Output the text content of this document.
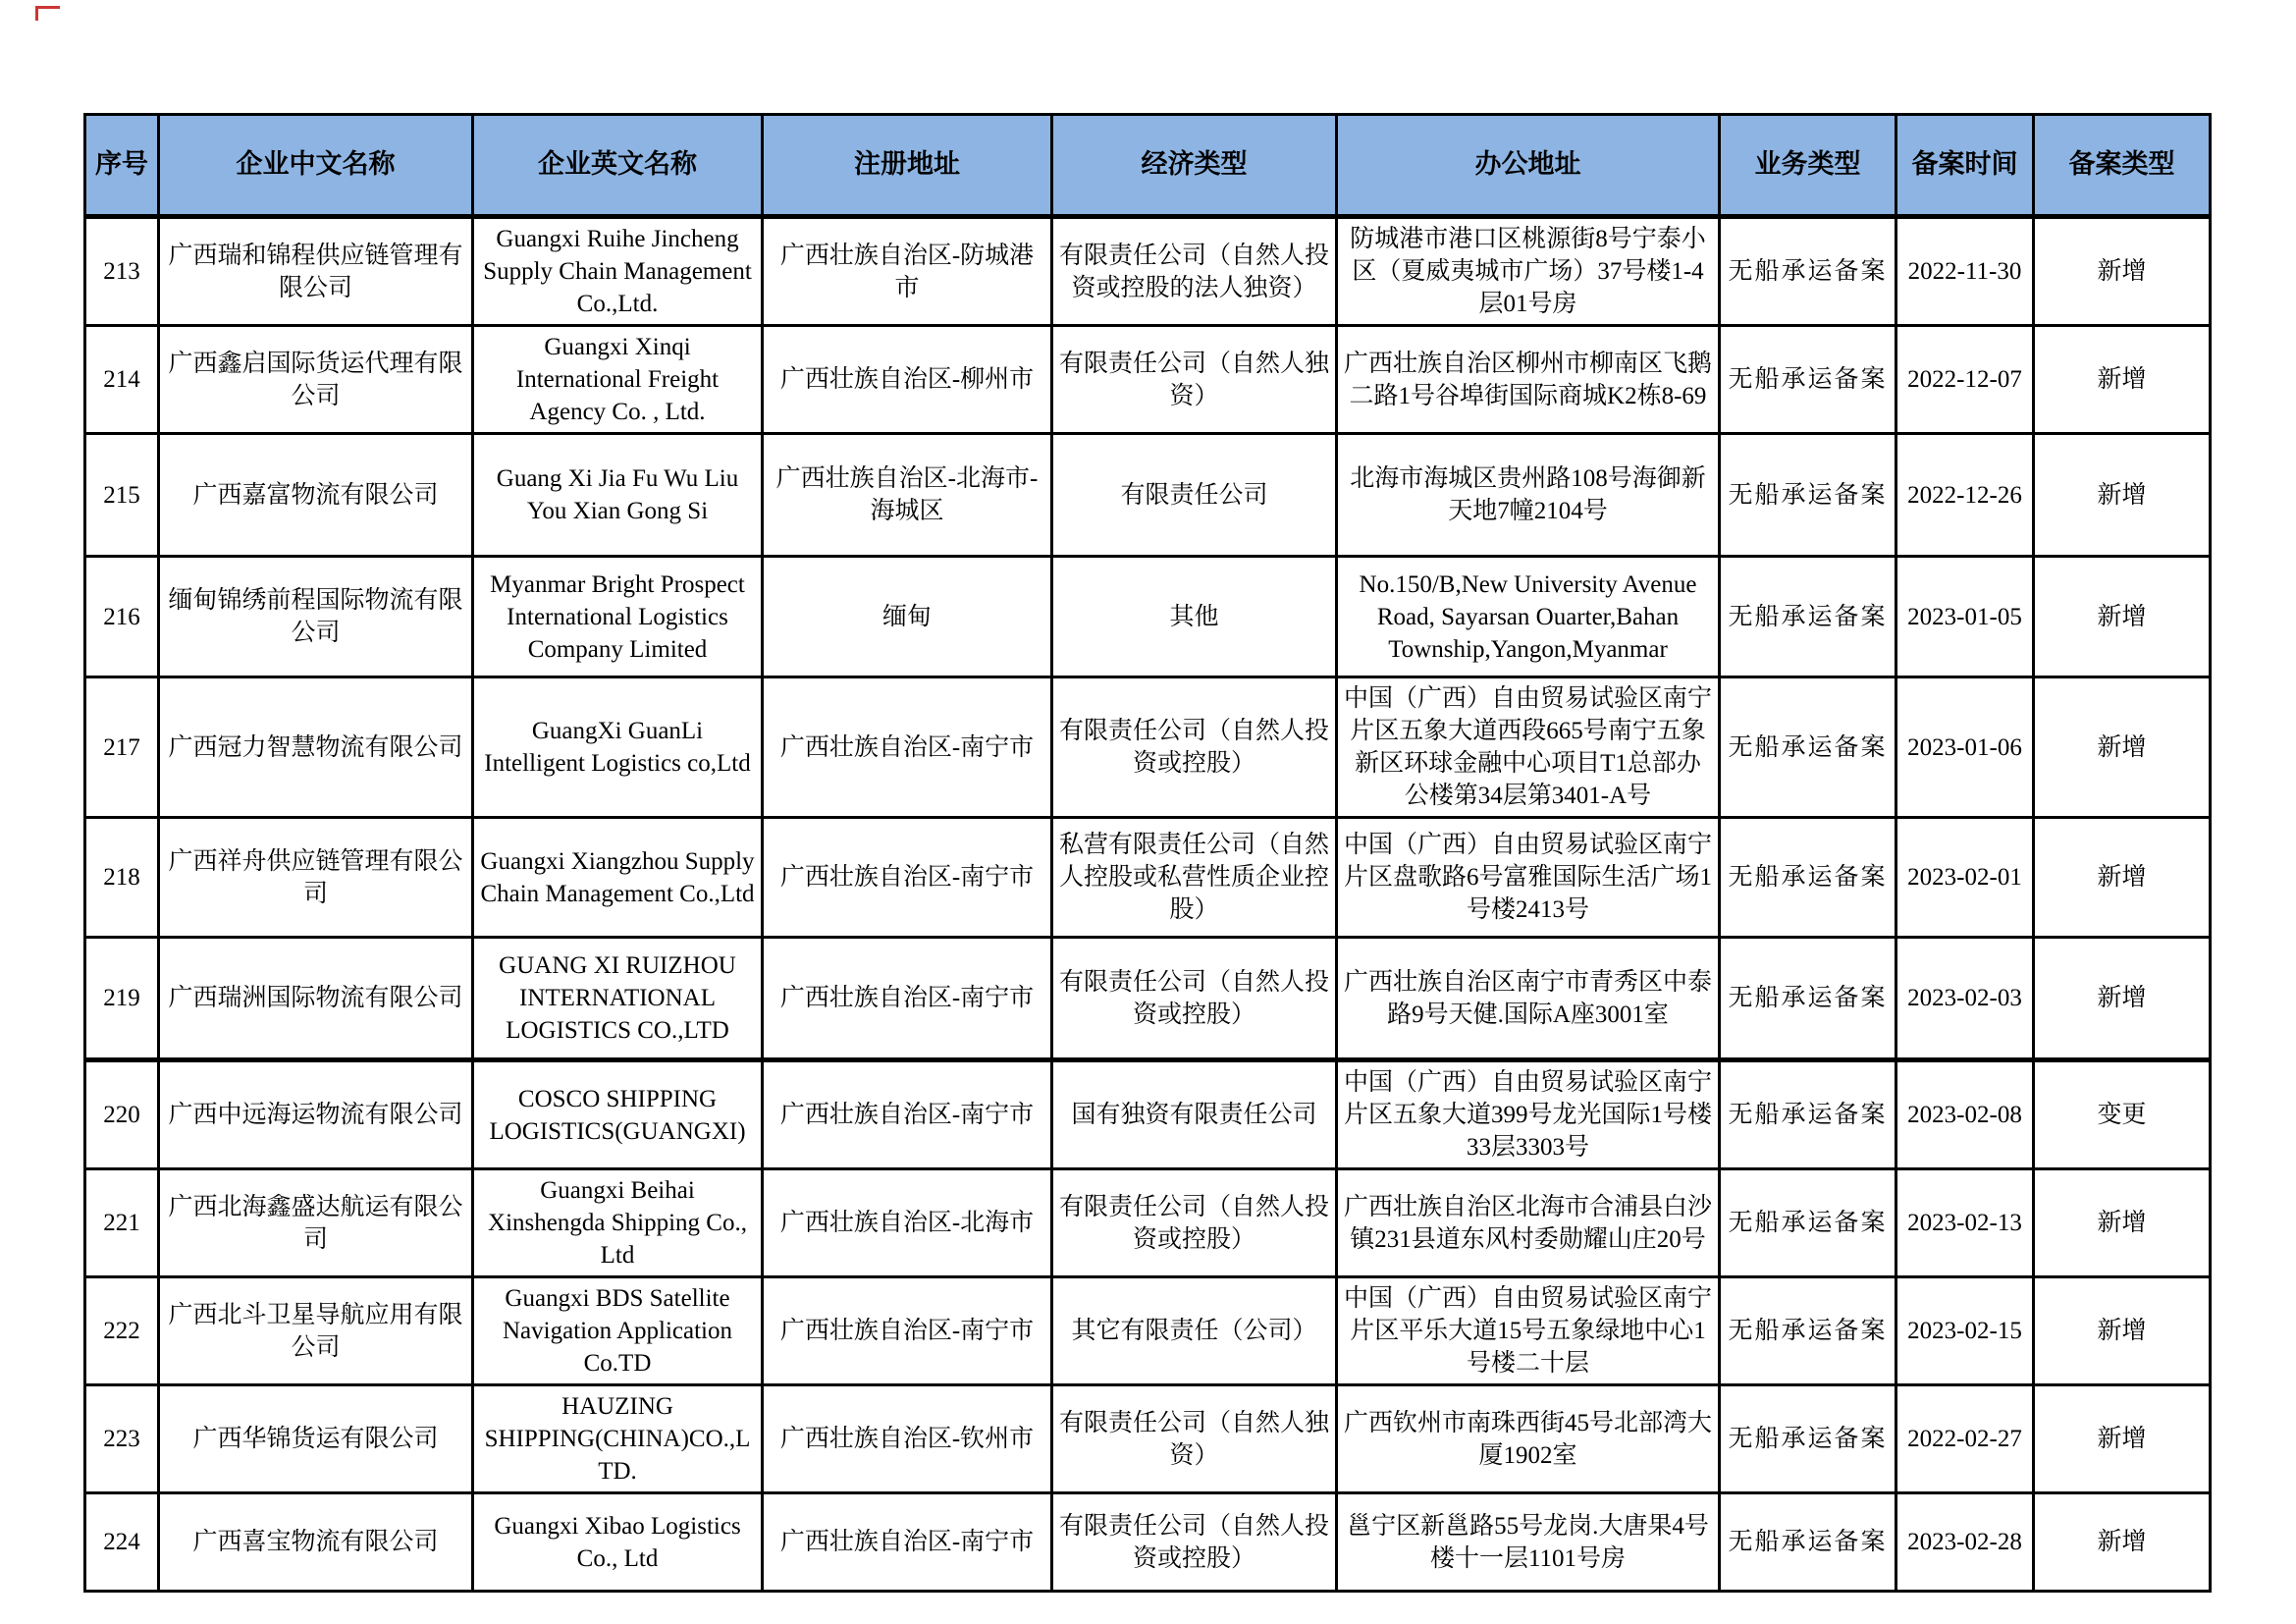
序号	企业中文名称	企业英文名称	注册地址	经济类型	办公地址	业务类型	备案时间	备案类型
213	广西瑞和锦程供应链管理有限公司	Guangxi Ruihe Jincheng Supply Chain Management Co.,Ltd.	广西壮族自治区-防城港市	有限责任公司（自然人投资或控股的法人独资）	防城港市港口区桃源街8号宁泰小区（夏威夷城市广场）37号楼1-4层01号房	无船承运备案	2022-11-30	新增
214	广西鑫启国际货运代理有限公司	Guangxi Xinqi International Freight Agency Co. , Ltd.	广西壮族自治区-柳州市	有限责任公司（自然人独资）	广西壮族自治区柳州市柳南区飞鹅二路1号谷埠街国际商城K2栋8-69	无船承运备案	2022-12-07	新增
215	广西嘉富物流有限公司	Guang Xi Jia Fu Wu Liu You Xian Gong Si	广西壮族自治区-北海市-海城区	有限责任公司	北海市海城区贵州路108号海御新天地7幢2104号	无船承运备案	2022-12-26	新增
216	缅甸锦绣前程国际物流有限公司	Myanmar Bright Prospect International Logistics Company Limited	缅甸	其他	No.150/B,New University Avenue Road, Sayarsan Ouarter,Bahan Township,Yangon,Myanmar	无船承运备案	2023-01-05	新增
217	广西冠力智慧物流有限公司	GuangXi GuanLi Intelligent Logistics co,Ltd	广西壮族自治区-南宁市	有限责任公司（自然人投资或控股）	中国（广西）自由贸易试验区南宁片区五象大道西段665号南宁五象新区环球金融中心项目T1总部办公楼第34层第3401-A号	无船承运备案	2023-01-06	新增
218	广西祥舟供应链管理有限公司	Guangxi Xiangzhou Supply Chain Management Co.,Ltd	广西壮族自治区-南宁市	私营有限责任公司（自然人控股或私营性质企业控股）	中国（广西）自由贸易试验区南宁片区盘歌路6号富雅国际生活广场1号楼2413号	无船承运备案	2023-02-01	新增
219	广西瑞洲国际物流有限公司	GUANG XI RUIZHOU INTERNATIONAL LOGISTICS CO.,LTD	广西壮族自治区-南宁市	有限责任公司（自然人投资或控股）	广西壮族自治区南宁市青秀区中泰路9号天健.国际A座3001室	无船承运备案	2023-02-03	新增
220	广西中远海运物流有限公司	COSCO SHIPPING LOGISTICS(GUANGXI)	广西壮族自治区-南宁市	国有独资有限责任公司	中国（广西）自由贸易试验区南宁片区五象大道399号龙光国际1号楼33层3303号	无船承运备案	2023-02-08	变更
221	广西北海鑫盛达航运有限公司	Guangxi Beihai Xinshengda Shipping Co., Ltd	广西壮族自治区-北海市	有限责任公司（自然人投资或控股）	广西壮族自治区北海市合浦县白沙镇231县道东风村委勋耀山庄20号	无船承运备案	2023-02-13	新增
222	广西北斗卫星导航应用有限公司	Guangxi BDS Satellite Navigation Application Co.TD	广西壮族自治区-南宁市	其它有限责任（公司）	中国（广西）自由贸易试验区南宁片区平乐大道15号五象绿地中心1号楼二十层	无船承运备案	2023-02-15	新增
223	广西华锦货运有限公司	HAUZING SHIPPING(CHINA)CO.,LTD.	广西壮族自治区-钦州市	有限责任公司（自然人独资）	广西钦州市南珠西街45号北部湾大厦1902室	无船承运备案	2022-02-27	新增
224	广西喜宝物流有限公司	Guangxi Xibao Logistics Co., Ltd	广西壮族自治区-南宁市	有限责任公司（自然人投资或控股）	邕宁区新邕路55号龙岗.大唐果4号楼十一层1101号房	无船承运备案	2023-02-28	新增
